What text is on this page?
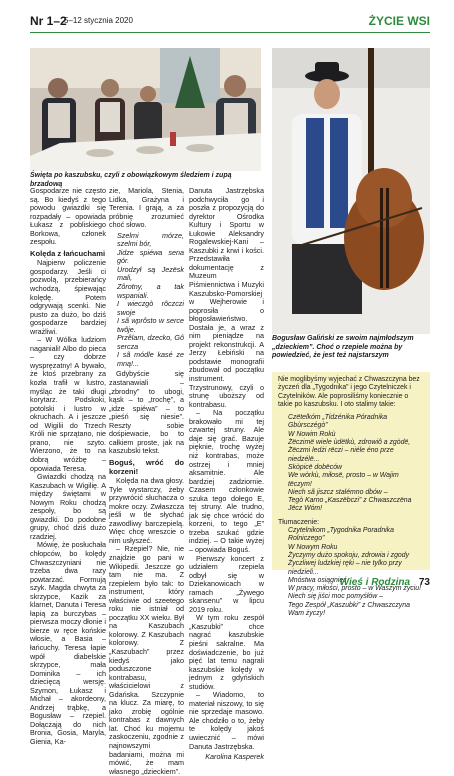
Nr 1–2
5–12 stycznia 2020	ŻYCIE WSI
Święta po kaszubsku, czyli z obowiązkowym śledziem i zupą brzadową
Bogusław Galiński ze swoim najmłodszym „dzieckiem”. Choć o rzepiele można by powiedzieć, że jest też najstarszym

Gospodarze nie często są. Bo kiedyś z tego powodu gwiazdki się rozpadały – opowiada Łukasz z pobliskiego Borkowa, członek zespołu.

Kolęda z łańcuchami

Najpierw policzenie gospodarzy. Jeśli ci pozwolą, przebierańcy wchodzą, śpiewając kolędę. Potem odgrywają scenki. Nie pusto za dużo, bo dziś gospodarze bardziej wrażliwi.

– W Wólka ludziom naganiali! Albo do pieca – czy dobrze wyspręzatny! A bywało, że ktoś przebrany za kozła trafił w lustro, myśląc że taki długi korytarz. Podskoki, potolski i lustro w okruchach. A i jeszcze od Wigilii do Trzech Króli nie sprzątano, nie prano, nie szyto. Wierzono, że to na dobrą wróżbę – opowiada Teresa.

Gwiazdki chodzą na Kaszubach w Wigilię. A między świętami w Nowym Roku chodzą zespoły, bo są gwiazdki. Do podobne grupy, choć dziś dużo rzadziej.

Mówię, że posłuchała chłopców, bo kolędy Chwaszczyniani nie trzeba dwa razy powtarzać. Formują szyk. Magda chwyta za skrzypce, Kazik za klarnet, Danuta i Teresa łapią za burczybas – pierwsza moczy dłonie i bierze w ręce końskie włosie, a Basia – łańcuchy. Teresa łapie wpół diabelskie skrzypce, mała Dominika – ich dziecięcą wersję. Szymon, Łukasz i Michał – akordeony, Andrzej trąbkę, a Bogusław – rzepiel. Dołączają do nich Bronia, Gosia, Maryla, Gienia, Ka-

zie, Mariola, Stenia, Lidka, Grażyna i Terenia. I grają, a za próbnię zrozumieć choć słowo.

Szelmi mórze, szelmi bór,
Jidze spiéwa sena gór.
Urodzył są Jezësk mali,
Zôrotny, a tak wspaniali.
I wieczgò rôczczi swoje
I sã wprôsto w serce twôje.
Przêlam, dzecko, Gô sercza
I sã módle kasé ze mną!...

Gdybyście się zastanawiali – „zbrodny” to ubogi, kąsk – to „trochę”, a „idze spiéwa” – to „pieśń się niesie”. Reszty sobie dośpiewacie, bo to całkiem proste, jak na kaszubski tekst.

Boguś, wróć do korzeni!

Kolęda na dwa głosy. Tyle wystarczy, żeby przywrócić słuchacza o mokre oczy. Zwłaszcza jeśli w tle słychać zawodliwy barczepielą. Więc chcę wreszcie o nim usłyszeć.

– Rzepiel? Nie, nie znajdzie go pani w Wikipedii. Jeszcze go tam nie ma. Z rzepielem było tak: to instrument, który właściwie od szeetego roku nie istniał od początku XX wieku. Był na Kaszubach kolorowy. Z Kaszubach kolorowy. Z „Kaszubach” przez kiedyś jako poduszczone kontrabasu, właścicielowi z Gdańska. Szczypnie na klucz. Za miarę, to jako zrobię ogólnie kontrabas z dawnych lat. Choć ku mojemu zaskoczeniu, zgodnie z najnowszymi badaniami, można mi mówić, że mam własnego „dzieckiem”.

Danuta Jastrzębska podchwyciła go i poszła z propozycją do dyrektor Ośrodka Kultury i Sportu w Łukowie Aleksandry Rogalewskiej-Kani – Kaszubki z krwi i kości. Przedstawiła dokumentację z Muzeum Piśmiennictwa i Muzyki Kaszubsko-Pomorskiej w Wejherowie i poprosiła o błogosławieństwo. Dostała je, a wraz z nim pieniądze na projekt rekonstrukcji. A Jerzy Łebiński na podstawie monografii zbudował od początku instrument. Trzystrunowy, czyli o strunę uboższy od kontrabasu.

– Na początku brakowało mi tej czwartej struny. Ale daje się grać. Bazuje pięknie, trochę wyżej niż kontrabas, może ostrzej i mniej aksamitnie. Ale bardziej zadziornie. Czasem członkowie szuka tego dołego E, tej struny. Ale trudno, jak się chce wrócić do korzeni, to tego „E” trzeba szukać gdzie indziej. – O takie wyżej – opowiada Boguś.

Pierwszy koncert z udziałem rzepiela odbył się w Dziekanowicach w ramach „Żywego skansenu” w lipcu 2019 roku.

W tym roku zespół „Kaszubki” chce nagrać kaszubskie pieśni sakralne. Ma doświadczenie, bo już pięć lat temu nagrali kaszubskie kolędy w jednym z gdyńskich studiów.

– Wiadomo, to materiał niszowy, to się nie sprzedaje masowo. Ale chodziło o to, żeby te kolędy jakoś uwiecznić – mówi Danuta Jastrzębska.

Karolina Kasperek

Nie moglibyśmy wyjechać z Chwaszczyna bez życzeń dla „Tygodnika” i jego Czytelniczek i Czytelników. Ale poprosiliśmy koniecznie o takie po kaszubsku. I oto stalimy takie:

Czëtelkóm „Tidzénika Póradnika Gbùrsczégò”
W Nowim Rokù
Żëczimë wiele ùdëtkù, zdrowiô a zgòdë,
Żëczmi ledżi rëczi – niéle éno prze niedzélë...
Skòpicë dobëców
We wòrkù, miłosë, prosto – w Wajim tëczym!
Niech sã jiszcz stalémno dbów –
Tegò Karno „Kaszëbczi” z Chwaszczëna Jëcz Wóm!

Tłumaczenie:

Czytelnikom „Tygodnika Poradnika Rolniczego”
W Nowym Roku
Życzymy dużo spokoju, zdrowia i zgody
Życzliwej ludzkiej ręki – nie tylko przy niedzieli...
Mnóstwa osiągnięć
W pracy, miłości, prosto – w Waszym życiu!
Niech się jiści moc pomyśłów –
Tego Zespół „Kaszubki” z Chwaszczyna Wam życzy!
Wieś i Rodzina 73
